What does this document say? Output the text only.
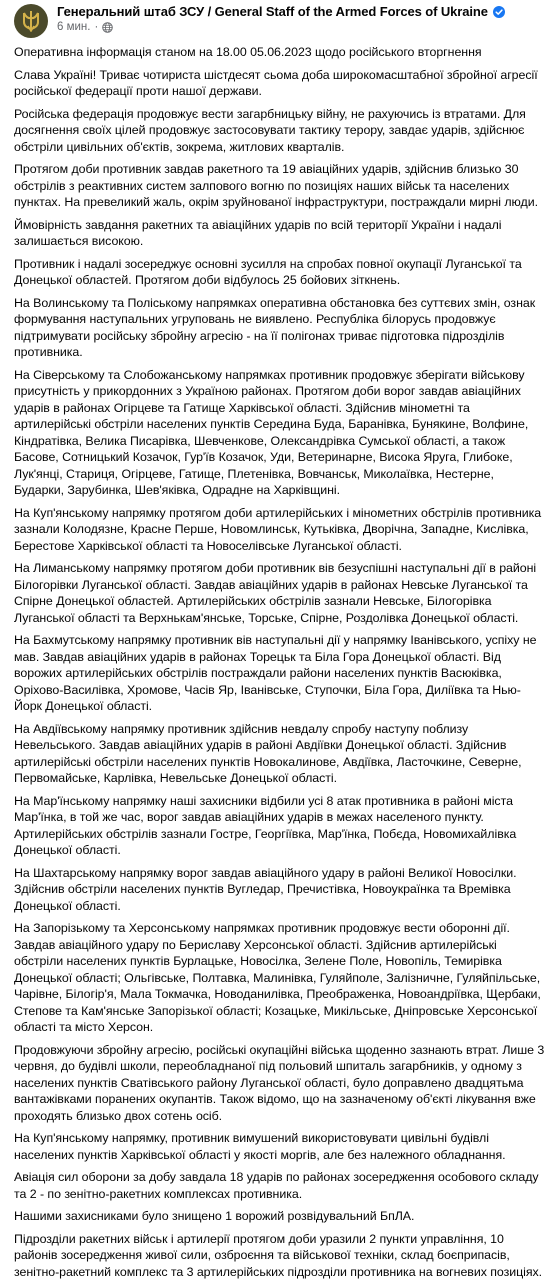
Генеральний штаб ЗСУ / General Staff of the Armed Forces of Ukraine
6 мин. ·

Оперативна інформація станом на 18.00 05.06.2023 щодо російського вторгнення

Слава Україні! Триває чотириста шістдесят сьома доба широкомасштабної збройної агресії російської федерації проти нашої держави.

Російська федерація продовжує вести загарбницьку війну, не рахуючись із втратами. Для досягнення своїх цілей продовжує застосовувати тактику терору, завдає ударів, здійснює обстріли цивільних об'єктів, зокрема, житлових кварталів.

Протягом доби противник завдав ракетного та 19 авіаційних ударів, здійснив близько 30 обстрілів з реактивних систем залпового вогню по позиціях наших військ та населених пунктах. На превеликий жаль, окрім зруйнованої інфраструктури, постраждали мирні люди.

Ймовірність завдання ракетних та авіаційних ударів по всій території України і надалі залишається високою.

Противник і надалі зосереджує основні зусилля на спробах повної окупації Луганської та Донецької областей. Протягом доби відбулось 25 бойових зіткнень.

На Волинському та Поліському напрямках оперативна обстановка без суттєвих змін, ознак формування наступальних угруповань не виявлено. Республіка білорусь продовжує підтримувати російську збройну агресію - на її полігонах триває підготовка підрозділів противника.

На Сіверському та Слобожанському напрямках противник продовжує зберігати військову присутність у прикордонних з Україною районах. Протягом доби ворог завдав авіаційних ударів в районах Огірцеве та Гатище Харківської області. Здійснив мінометні та артилерійські обстріли населених пунктів Середина Буда, Баранівка, Бунякине, Волфине, Кіндратівка, Велика Писарівка, Шевченкове, Олександрівка Сумської області, а також Басове, Сотницький Козачок, Гур'їв Козачок, Уди, Ветеринарне, Висока Яруга, Глибоке, Лук'янці, Стариця, Огірцеве, Гатище, Плетенівка, Вовчанськ, Миколаївка, Нестерне, Бударки, Зарубинка, Шев'яківка, Одрадне на Харківщині.

На Куп'янському напрямку протягом доби артилерійських і мінометних обстрілів противника зазнали Колодязне, Красне Перше, Новомлинськ, Кутьківка, Дворічна, Западне, Кислівка, Берестове Харківської області та Новоселівське Луганської області.

На Лиманському напрямку протягом доби противник вів безуспішні наступальні дії в районі Білогорівки Луганської області. Завдав авіаційних ударів в районах Невське Луганської та Спірне Донецької областей. Артилерійських обстрілів зазнали Невське, Білогорівка Луганської області та Верхнькам'янське, Торське, Спірне, Роздолівка Донецької області.

На Бахмутському напрямку противник вів наступальні дії у напрямку Іванівського, успіху не мав. Завдав авіаційних ударів в районах Торецьк та Біла Гора Донецької області. Від ворожих артилерійських обстрілів постраждали райони населених пунктів Васюківка, Оріхово-Василівка, Хромове, Часів Яр, Іванівське, Ступочки, Біла Гора, Диліївка та Нью-Йорк Донецької області.

На Авдіївському напрямку противник здійснив невдалу спробу наступу поблизу Невельського. Завдав авіаційних ударів в районі Авдіївки Донецької області. Здійснив артилерійські обстріли населених пунктів Новокалинове, Авдіївка, Ласточкине, Северне, Первомайське, Карлівка, Невельське Донецької області.

На Мар'їнському напрямку наші захисники відбили усі 8 атак противника в районі міста Мар'їнка, в той же час, ворог завдав авіаційних ударів в межах населеного пункту. Артилерійських обстрілів зазнали Гостре, Георгіївка, Мар'їнка, Побєда, Новомихайлівка Донецької області.

На Шахтарському напрямку ворог завдав авіаційного удару в районі Великої Новосілки. Здійснив обстріли населених пунктів Вугледар, Пречистівка, Новоукраїнка та Времівка Донецької області.

На Запорізькому та Херсонському напрямках противник продовжує вести оборонні дії. Завдав авіаційного удару по Бериславу Херсонської області. Здійснив артилерійські обстріли населених пунктів Бурлацьке, Новосілка, Зелене Поле, Новопіль, Темирівка Донецької області; Ольгівське, Полтавка, Малинівка, Гуляйполе, Залізничне, Гуляйпільське, Чарівне, Білогір'я, Мала Токмачка, Новоданилівка, Преображенка, Новоандріївка, Щербаки, Степове та Кам'янське Запорізької області; Козацьке, Микільське, Дніпровське Херсонської області та місто Херсон.

Продовжуючи збройну агресію, російські окупаційні війська щоденно зазнають втрат. Лише 3 червня, до будівлі школи, переобладнаної під польовий шпиталь загарбників, у одному з населених пунктів Сватівського району Луганської області, було доправлено двадцятьма вантажівками поранених окупантів. Також відомо, що на зазначеному об'єкті лікування вже проходять близько двох сотень осіб.

На Куп'янському напрямку, противник вимушений використовувати цивільні будівлі населених пунктів Харківської області у якості моргів, але без належного обладнання.

Авіація сил оборони за добу завдала 18 ударів по районах зосередження особового складу та 2 - по зенітно-ракетних комплексах противника.

Нашими захисниками було знищено 1 ворожий розвідувальний БпЛА.

Підрозділи ракетних військ і артилерії протягом доби уразили 2 пункти управління, 10 районів зосередження живої сили, озброєння та військової техніки, склад боєприпасів, зенітно-ракетний комплекс та 3 артилерійських підрозділи противника на вогневих позиціях.
